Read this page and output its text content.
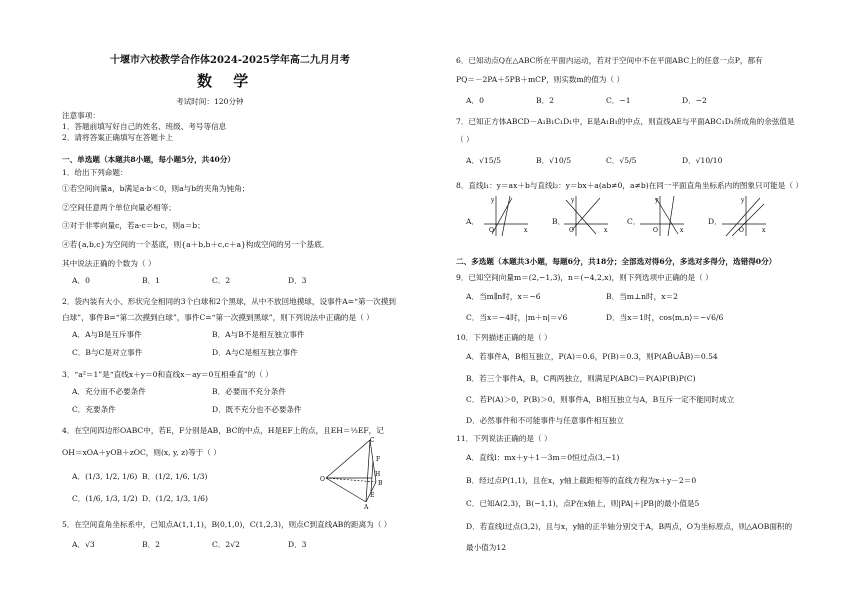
十堰市六校教学合作体2024-2025学年高二九月月考
数 学
考试时间：120分钟
注意事项：
1．答题前填写好自己的姓名、班级、考号等信息
2．请将答案正确填写在答题卡上
一、单选题（本题共8小题，每小题5分，共40分）
1．给出下列命题：
①若空间向量a，b满足a·b＜0，则a与b的夹角为钝角；
②空间任意两个单位向量必相等；
③对于非零向量c，若a·c＝b·c，则a＝b；
④若{a,b,c}为空间的一个基底，则{a＋b,b＋c,c＋a}构成空间的另一个基底．
其中说法正确的个数为（ ）
A．0	B．1	C．2	D．3
2．袋内装有大小、形状完全相同的3个白球和2个黑球，从中不放回地摸球，设事件A=“第一次摸到
白球”，事件B=“第二次摸到白球”，事件C=“第一次摸到黑球”，则下列说法中正确的是（ ）
A．A与B是互斥事件	B．A与B不是相互独立事件
C．B与C是对立事件	D．A与C是相互独立事件
3．“a²＝1”是“直线x＋y＝0和直线x－ay＝0互相垂直”的（ ）
A．充分而不必要条件	B．必要而不充分条件
C．充要条件	D．既不充分也不必要条件
4．在空间四边形OABC中，若E，F分别是AB，BC的中点，H是EF上的点，且EH＝⅓EF，记
OH＝xOA＋yOB＋zOC，则(x, y, z)等于（ ）
A．(1/3, 1/2, 1/6) B．(1/2, 1/6, 1/3)
C．(1/6, 1/3, 1/2) D．(1/2, 1/3, 1/6)
O
A
B
C
E
F
H
5．在空间直角坐标系中，已知点A(1,1,1)，B(0,1,0)，C(1,2,3)，则点C到直线AB的距离为（ ）
A．√3	B．2	C．2√2	D．3
6．已知动点Q在△ABC所在平面内运动，若对于空间中不在平面ABC上的任意一点P，都有
PQ＝－2PA＋5PB＋mCP，则实数m的值为（ ）
A．0	B．2	C．−1	D．−2
7．已知正方体ABCD－A₁B₁C₁D₁中，E是A₁B₁的中点，则直线AE与平面ABC₁D₁所成角的余弦值是
（ ）
A．√15/5	B．√10/5	C．√5/5	D．√10/10
8．直线l₁：y＝ax＋b与直线l₂：y＝bx＋a(ab≠0，a≠b)在同一平面直角坐标系内的图象只可能是（ ）
A．	B．	C．	D．
O	x
y
O	x
y
O	x
y
O	x
y
二、多选题（本题共3小题，每题6分，共18分；全部选对得6分，多选对多得分，选错得0分）
9．已知空间向量m＝(2,−1,3)，n＝(−4,2,x)，则下列选项中正确的是（ ）
A．当m∥n时，x＝−6	B．当m⊥n时，x＝2
C．当x＝−4时，|m＋n|＝√6	D．当x＝1时，cos⟨m,n⟩＝−√6/6
10．下列描述正确的是（ ）
A．若事件A，B相互独立，P(A)＝0.6，P(B)＝0.3，则P(AB̄∪ĀB)＝0.54
B．若三个事件A，B，C两两独立，则满足P(ABC)＝P(A)P(B)P(C)
C．若P(A)＞0，P(B)＞0，则事件A，B相互独立与A，B互斥一定不能同时成立
D．必然事件和不可能事件与任意事件相互独立
11．下列说法正确的是（ ）
A．直线l：mx＋y＋1－3m＝0恒过点(3,−1)
B．经过点P(1,1)，且在x，y轴上截距相等的直线方程为x＋y－2＝0
C．已知A(2,3)，B(−1,1)，点P在x轴上，则|PA|＋|PB|的最小值是5
D．若直线l过点(3,2)，且与x，y轴的正半轴分别交于A，B两点，O为坐标原点，则△AOB面积的
最小值为12
